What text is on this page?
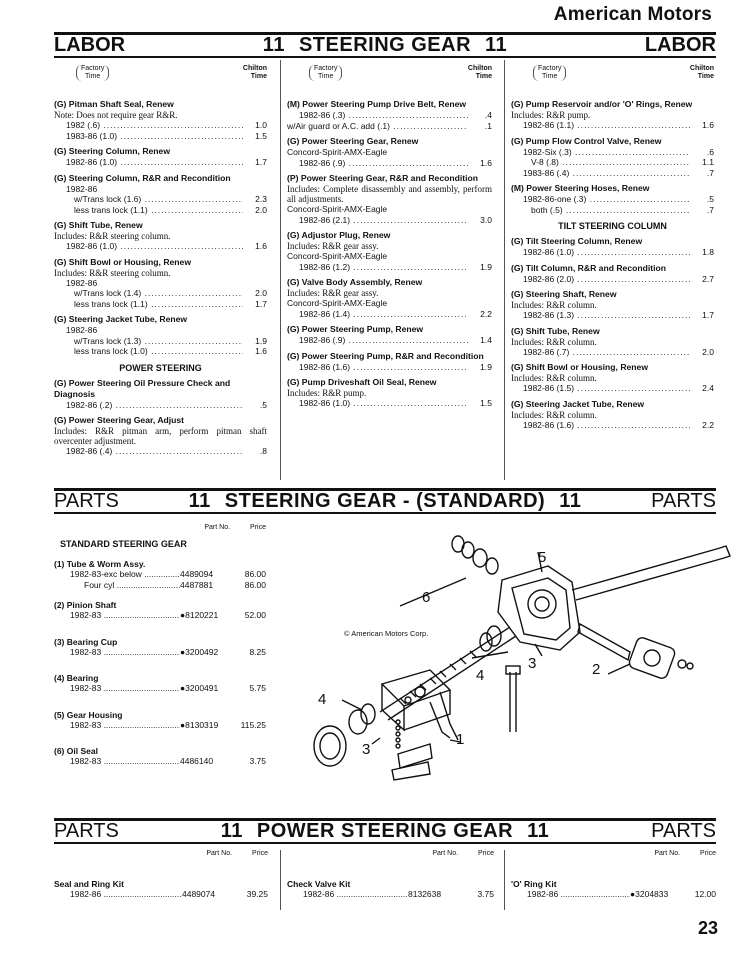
American Motors
LABOR	11 STEERING GEAR 11	LABOR
Factory
Time
Chilton
Time
(G) Pitman Shaft Seal, Renew
Note: Does not require gear R&R.
1982 (.6) .....	1.0
1983-86 (1.0) .....	1.5
(G) Steering Column, Renew
1982-86 (1.0) .....	1.7
(G) Steering Column, R&R and Recondition
1982-86
w/Trans lock (1.6) .....	2.3
less trans lock (1.1) .....	2.0
(G) Shift Tube, Renew
Includes: R&R steering column.
1982-86 (1.0) .....	1.6
(G) Shift Bowl or Housing, Renew
Includes: R&R steering column.
1982-86
w/Trans lock (1.4) .....	2.0
less trans lock (1.1) .....	1.7
(G) Steering Jacket Tube, Renew
1982-86
w/Trans lock (1.3) .....	1.9
less trans lock (1.0) .....	1.6
POWER STEERING
(G) Power Steering Oil Pressure Check and Diagnosis
1982-86 (.2) .....	.5
(G) Power Steering Gear, Adjust
Includes: R&R pitman arm, perform pitman shaft overcenter adjustment.
1982-86 (.4) .....	.8
Factory
Time
Chilton
Time
(M) Power Steering Pump Drive Belt, Renew
1982-86 (.3) .....	.4
w/Air guard or A.C. add (.1) .....	.1
(G) Power Steering Gear, Renew
Concord-Spirit-AMX-Eagle
1982-86 (.9) .....	1.6
(P) Power Steering Gear, R&R and Recondition
Includes: Complete disassembly and assembly, perform all adjustments.
Concord-Spirit-AMX-Eagle
1982-86 (2.1) .....	3.0
(G) Adjustor Plug, Renew
Includes: R&R gear assy.
Concord-Spirit-AMX-Eagle
1982-86 (1.2) .....	1.9
(G) Valve Body Assembly, Renew
Includes: R&R gear assy.
Concord-Spirit-AMX-Eagle
1982-86 (1.4) .....	2.2
(G) Power Steering Pump, Renew
1982-86 (.9) .....	1.4
(G) Power Steering Pump, R&R and Recondition
1982-86 (1.6) .....	1.9
(G) Pump Driveshaft Oil Seal, Renew
Includes: R&R pump.
1982-86 (1.0) .....	1.5
Factory
Time
Chilton
Time
(G) Pump Reservoir and/or 'O' Rings, Renew
Includes: R&R pump.
1982-86 (1.1) .....	1.6
(G) Pump Flow Control Valve, Renew
1982-Six (.3) .....	.6
V-8 (.8) .....	1.1
1983-86 (.4) .....	.7
(M) Power Steering Hoses, Renew
1982-86-one (.3) .....	.5
both (.5) .....	.7
TILT STEERING COLUMN
(G) Tilt Steering Column, Renew
1982-86 (1.0) .....	1.8
(G) Tilt Column, R&R and Recondition
1982-86 (2.0) .....	2.7
(G) Steering Shaft, Renew
Includes: R&R column.
1982-86 (1.3) .....	1.7
(G) Shift Tube, Renew
Includes: R&R column.
1982-86 (.7) .....	2.0
(G) Shift Bowl or Housing, Renew
Includes: R&R column.
1982-86 (1.5) .....	2.4
(G) Steering Jacket Tube, Renew
Includes: R&R column.
1982-86 (1.6) .....	2.2
PARTS	11 STEERING GEAR - (STANDARD) 11	PARTS
Part No.	Price
STANDARD STEERING GEAR
(1) Tube & Worm Assy.
1982-83-exc below .....	4489094	86.00
Four cyl .....	4487881	86.00
(2) Pinion Shaft
1982-83 .....	●8120221	52.00
(3) Bearing Cup
1982-83 .....	●3200492	8.25
(4) Bearing
1982-83 .....	●3200491	5.75
(5) Gear Housing
1982-83 .....	●8130319	115.25
(6) Oil Seal
1982-83 .....	4486140	3.75
5
6
3
4	2
4
1
3
© American Motors Corp.
PARTS	11 POWER STEERING GEAR 11	PARTS
Part No.	Price
Seal and Ring Kit
1982-86 .....	4489074	39.25
Part No.	Price
Check Valve Kit
1982-86 .....	8132638	3.75
Part No.	Price
'O' Ring Kit
1982-86 .....	●3204833	12.00
23
